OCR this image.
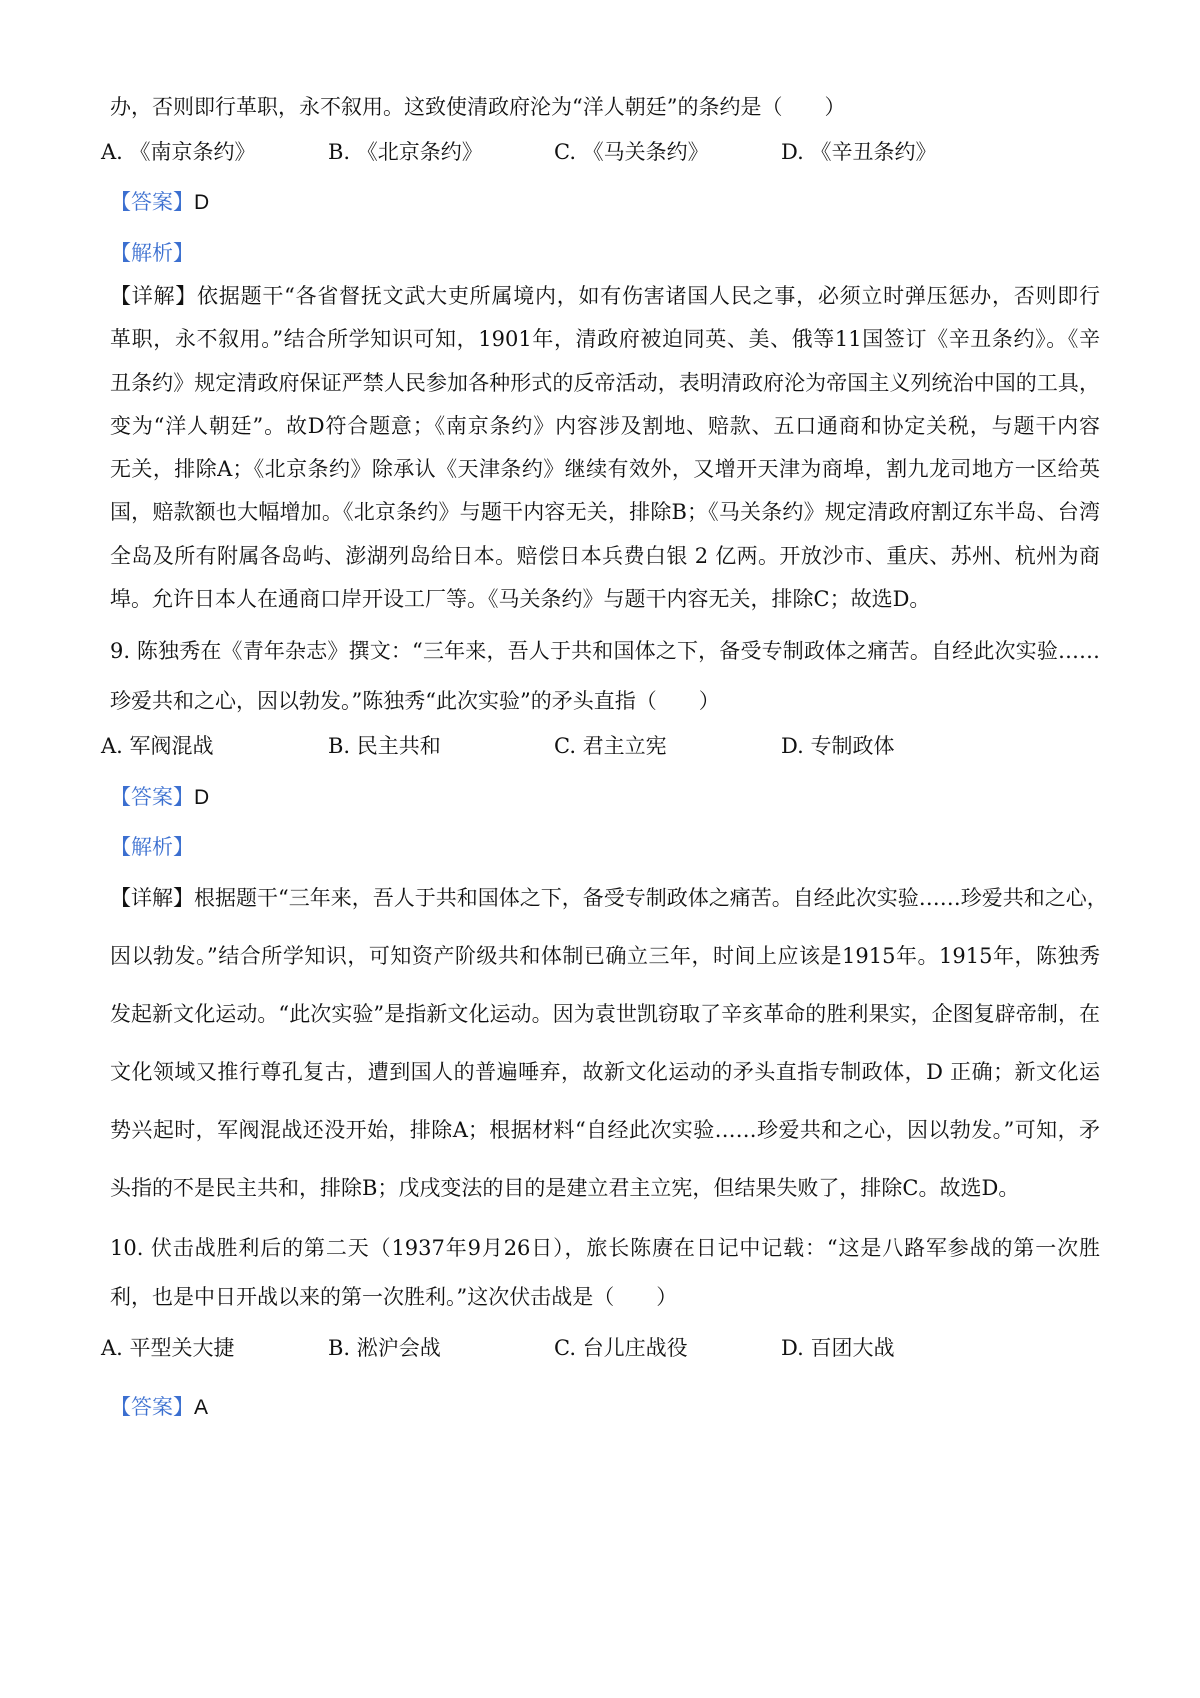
办，否则即行革职，永不叙用。这致使清政府沦为“洋人朝廷”的条约是（　　）
A. 《南京条约》	B. 《北京条约》	C. 《马关条约》	D. 《辛丑条约》
【答案】D
【解析】
【详解】依据题干“各省督抚文武大吏所属境内，如有伤害诸国人民之事，必须立时弹压惩办，否则即行
革职，永不叙用。”结合所学知识可知，1901年，清政府被迫同英、美、俄等11国签订《辛丑条约》。《辛
丑条约》规定清政府保证严禁人民参加各种形式的反帝活动，表明清政府沦为帝国主义列统治中国的工具，
变为“洋人朝廷”。故D符合题意；《南京条约》内容涉及割地、赔款、五口通商和协定关税，与题干内容
无关，排除A；《北京条约》除承认《天津条约》继续有效外，又增开天津为商埠，割九龙司地方一区给英
国，赔款额也大幅增加。《北京条约》与题干内容无关，排除B；《马关条约》规定清政府割辽东半岛、台湾
全岛及所有附属各岛屿、澎湖列岛给日本。赔偿日本兵费白银 2 亿两。开放沙市、重庆、苏州、杭州为商
埠。允许日本人在通商口岸开设工厂等。《马关条约》与题干内容无关，排除C；故选D。
9. 陈独秀在《青年杂志》撰文：“三年来，吾人于共和国体之下，备受专制政体之痛苦。自经此次实验……
珍爱共和之心，因以勃发。”陈独秀“此次实验”的矛头直指（　　）
A. 军阀混战	B. 民主共和	C. 君主立宪	D. 专制政体
【答案】D
【解析】
【详解】根据题干“三年来，吾人于共和国体之下，备受专制政体之痛苦。自经此次实验……珍爱共和之心，
因以勃发。”结合所学知识，可知资产阶级共和体制已确立三年，时间上应该是1915年。1915年，陈独秀
发起新文化运动。“此次实验”是指新文化运动。因为袁世凯窃取了辛亥革命的胜利果实，企图复辟帝制，在
文化领域又推行尊孔复古，遭到国人的普遍唾弃，故新文化运动的矛头直指专制政体，D 正确；新文化运
势兴起时，军阀混战还没开始，排除A；根据材料“自经此次实验……珍爱共和之心，因以勃发。”可知，矛
头指的不是民主共和，排除B；戊戌变法的目的是建立君主立宪，但结果失败了，排除C。故选D。
10. 伏击战胜利后的第二天（1937年9月26日），旅长陈赓在日记中记载：“这是八路军参战的第一次胜
利，也是中日开战以来的第一次胜利。”这次伏击战是（　　）
A. 平型关大捷	B. 淞沪会战	C. 台儿庄战役	D. 百团大战
【答案】A
